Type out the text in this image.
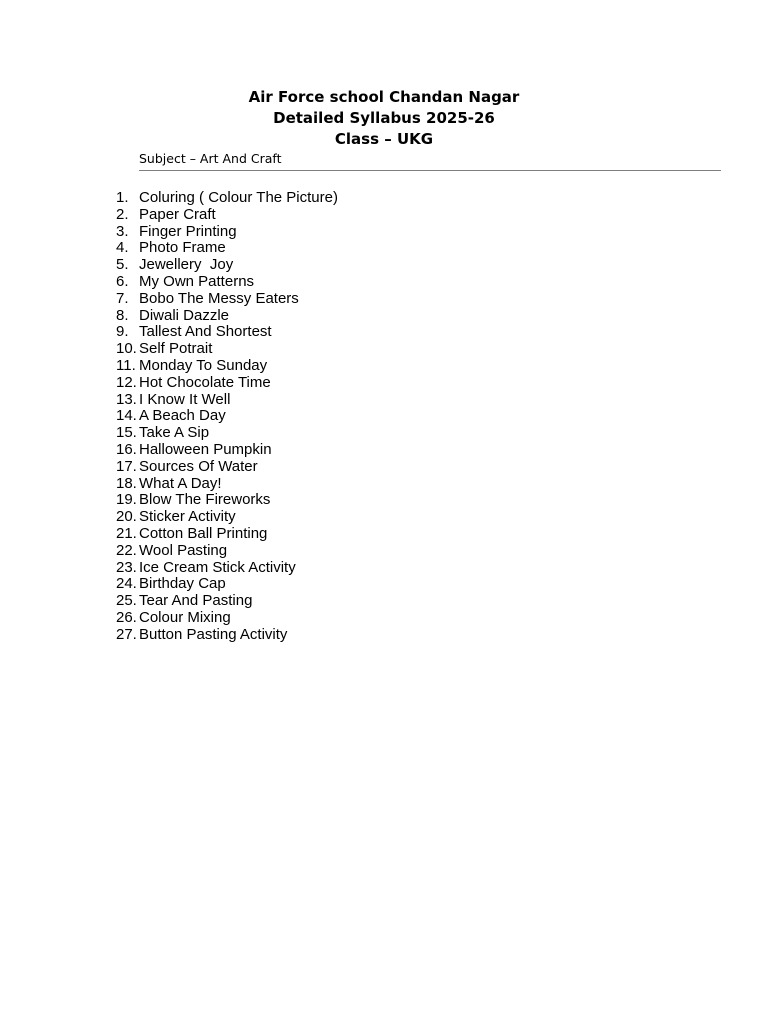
Air Force school Chandan Nagar
Detailed Syllabus 2025-26
Class – UKG
Subject – Art And Craft
1. Coluring ( Colour The Picture)
2. Paper Craft
3. Finger Printing
4. Photo Frame
5. Jewellery  Joy
6. My Own Patterns
7. Bobo The Messy Eaters
8. Diwali Dazzle
9. Tallest And Shortest
10. Self Potrait
11. Monday To Sunday
12. Hot Chocolate Time
13. I Know It Well
14. A Beach Day
15. Take A Sip
16. Halloween Pumpkin
17. Sources Of Water
18. What A Day!
19. Blow The Fireworks
20. Sticker Activity
21. Cotton Ball Printing
22. Wool Pasting
23. Ice Cream Stick Activity
24. Birthday Cap
25. Tear And Pasting
26. Colour Mixing
27. Button Pasting Activity
